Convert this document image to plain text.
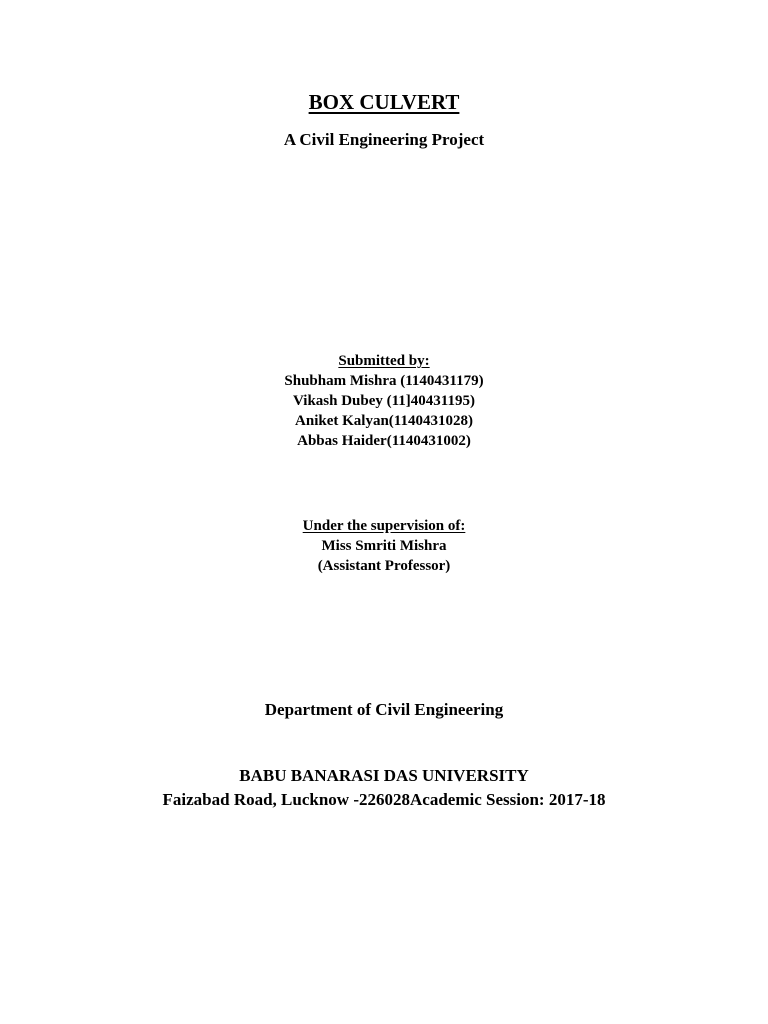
BOX CULVERT

A Civil Engineering Project

Submitted by:

Shubham Mishra (1140431179)

Vikash Dubey (11]40431195)

Aniket Kalyan(1140431028)

Abbas Haider(1140431002)

Under the supervision of:

Miss Smriti Mishra

(Assistant Professor)

Department of Civil Engineering

BABU BANARASI DAS UNIVERSITY

Faizabad Road, Lucknow -226028Academic Session: 2017-18
